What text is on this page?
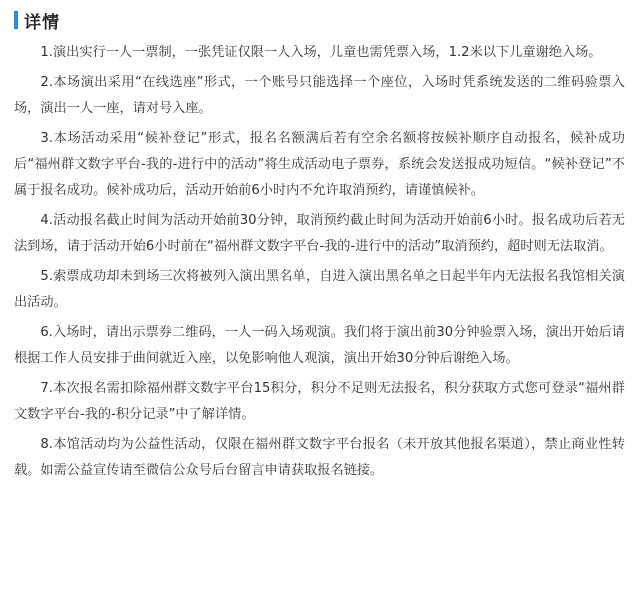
详情

1.演出实行一人一票制，一张凭证仅限一人入场，儿童也需凭票入场，1.2米以下儿童谢绝入场。

2.本场演出采用“在线选座”形式，一个账号只能选择一个座位，入场时凭系统发送的二维码验票入场，演出一人一座，请对号入座。

3.本场活动采用“候补登记”形式，报名名额满后若有空余名额将按候补顺序自动报名，候补成功后“福州群文数字平台-我的-进行中的活动”将生成活动电子票券，系统会发送报成功短信。“候补登记”不属于报名成功。候补成功后，活动开始前6小时内不允许取消预约，请谨慎候补。

4.活动报名截止时间为活动开始前30分钟，取消预约截止时间为活动开始前6小时。报名成功后若无法到场，请于活动开始6小时前在“福州群文数字平台-我的-进行中的活动”取消预约，超时则无法取消。

5.索票成功却未到场三次将被列入演出黑名单，自进入演出黑名单之日起半年内无法报名我馆相关演出活动。

6.入场时，请出示票券二维码，一人一码入场观演。我们将于演出前30分钟验票入场，演出开始后请根据工作人员安排于曲间就近入座，以免影响他人观演，演出开始30分钟后谢绝入场。

7.本次报名需扣除福州群文数字平台15积分，积分不足则无法报名，积分获取方式您可登录“福州群文数字平台-我的-积分记录”中了解详情。

8.本馆活动均为公益性活动，仅限在福州群文数字平台报名（未开放其他报名渠道），禁止商业性转载。如需公益宣传请至微信公众号后台留言申请获取报名链接。
